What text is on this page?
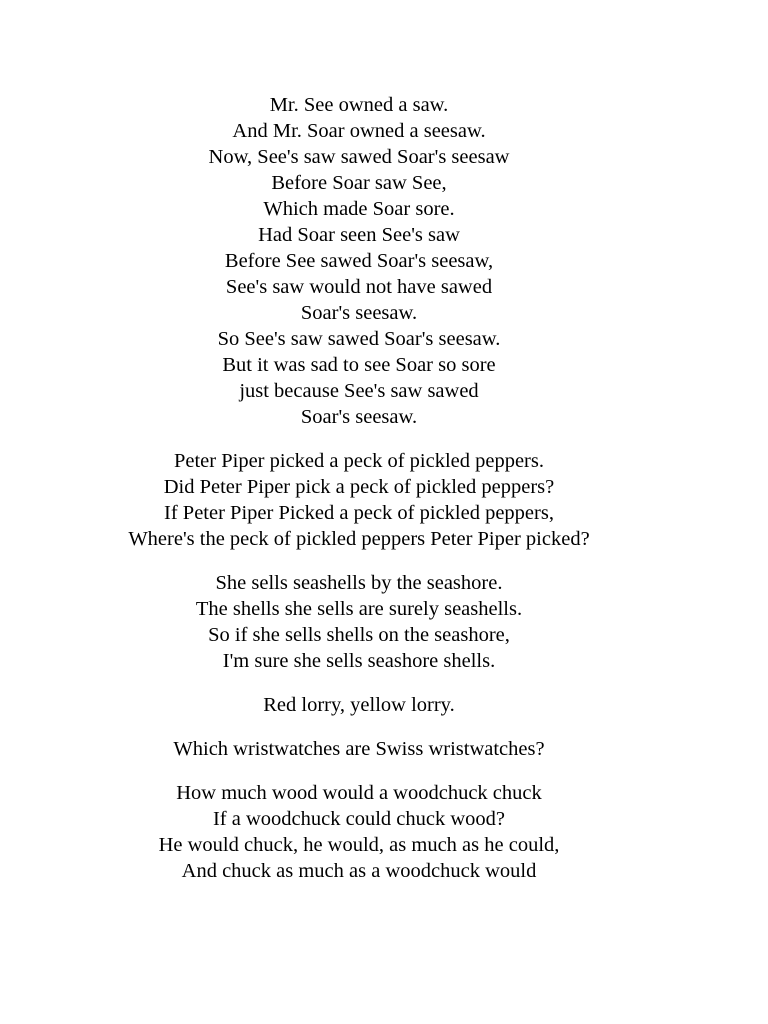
Mr. See owned a saw.
And Mr. Soar owned a seesaw.
Now, See's saw sawed Soar's seesaw
Before Soar saw See,
Which made Soar sore.
Had Soar seen See's saw
Before See sawed Soar's seesaw,
See's saw would not have sawed
Soar's seesaw.
So See's saw sawed Soar's seesaw.
But it was sad to see Soar so sore
just because See's saw sawed
Soar's seesaw.
Peter Piper picked a peck of pickled peppers.
Did Peter Piper pick a peck of pickled peppers?
If Peter Piper Picked a peck of pickled peppers,
Where's the peck of pickled peppers Peter Piper picked?
She sells seashells by the seashore.
The shells she sells are surely seashells.
So if she sells shells on the seashore,
I'm sure she sells seashore shells.
Red lorry, yellow lorry.
Which wristwatches are Swiss wristwatches?
How much wood would a woodchuck chuck
If a woodchuck could chuck wood?
He would chuck, he would, as much as he could,
And chuck as much as a woodchuck would
